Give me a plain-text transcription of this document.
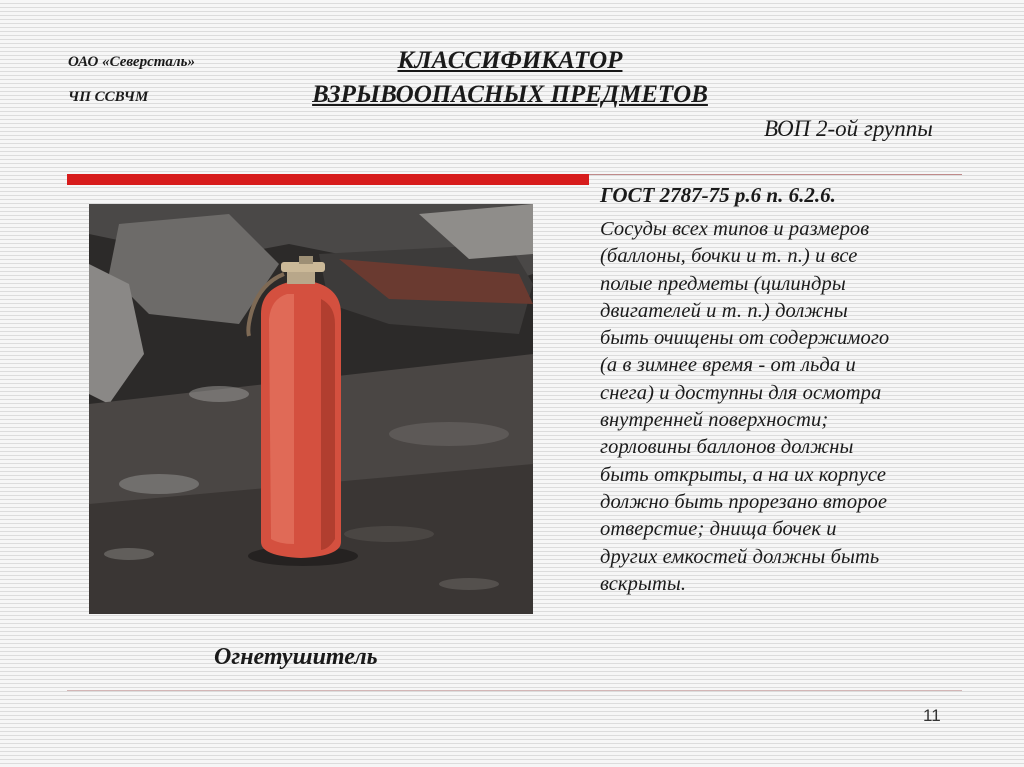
ОАО «Северсталь»
ЧП ССВЧМ
КЛАССИФИКАТОР
ВЗРЫВООПАСНЫХ ПРЕДМЕТОВ
ВОП 2-ой группы
Огнетушитель
ГОСТ 2787-75 р.6 п. 6.2.6.
Сосуды всех типов и размеров
(баллоны, бочки и т. п.) и все
полые предметы (цилиндры
двигателей и т. п.) должны
быть очищены от содержимого
(а в зимнее время - от льда и
снега) и доступны для осмотра
внутренней поверхности;
горловины баллонов должны
быть открыты, а на их корпусе
должно быть прорезано второе
отверстие; днища бочек и
других емкостей должны быть
вскрыты.
11
